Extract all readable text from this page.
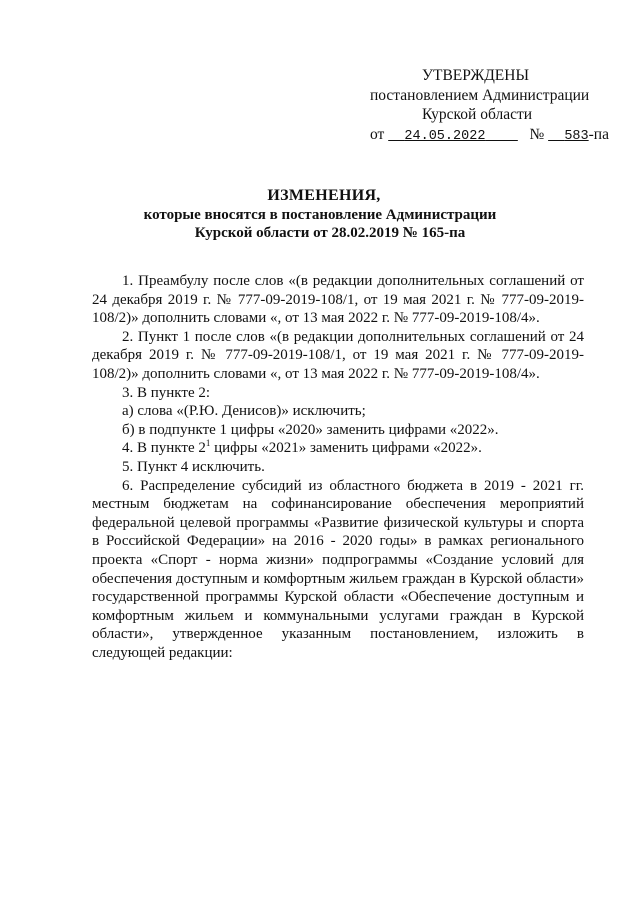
УТВЕРЖДЕНЫ
постановлением Администрации
Курской области
от 24.05.2022	№ 583-па
ИЗМЕНЕНИЯ,
которые вносятся в постановление Администрации
Курской области от 28.02.2019 № 165-па

1. Преамбулу после слов «(в редакции дополнительных соглашений от 24 декабря 2019 г. № 777-09-2019-108/1, от 19 мая 2021 г. № 777-09-2019-108/2)» дополнить словами «, от 13 мая 2022 г. № 777-09-2019-108/4».

2. Пункт 1 после слов «(в редакции дополнительных соглашений от 24 декабря 2019 г. № 777-09-2019-108/1, от 19 мая 2021 г. № 777-09-2019-108/2)» дополнить словами «, от 13 мая 2022 г. № 777-09-2019-108/4».

3. В пункте 2:

а) слова «(Р.Ю. Денисов)» исключить;

б) в подпункте 1 цифры «2020» заменить цифрами «2022».

4. В пункте $2^1$ цифры «2021» заменить цифрами «2022».

5. Пункт 4 исключить.

6. Распределение субсидий из областного бюджета в 2019 - 2021 гг. местным бюджетам на софинансирование обеспечения мероприятий федеральной целевой программы «Развитие физической культуры и спорта в Российской Федерации» на 2016 - 2020 годы» в рамках регионального проекта «Спорт - норма жизни» подпрограммы «Создание условий для обеспечения доступным и комфортным жильем граждан в Курской области» государственной программы Курской области «Обеспечение доступным и комфортным жильем и коммунальными услугами граждан в Курской области», утвержденное указанным постановлением, изложить в следующей редакции:
